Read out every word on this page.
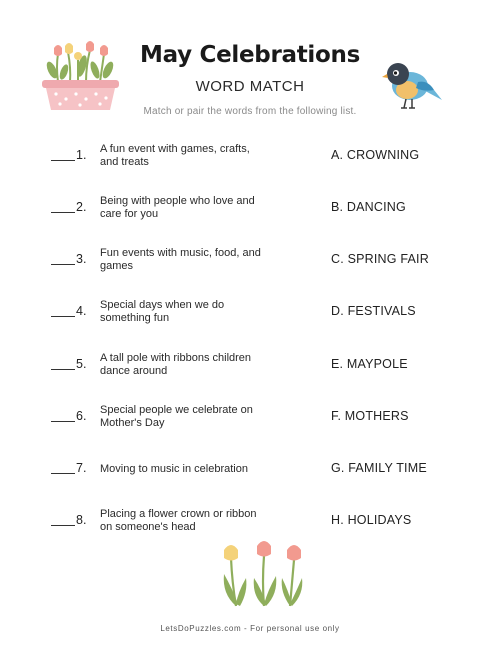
May Celebrations
WORD MATCH
Match or pair the words from the following list.
1. A fun event with games, crafts, and treats	A. CROWNING
2. Being with people who love and care for you	B. DANCING
3. Fun events with music, food, and games	C. SPRING FAIR
4. Special days when we do something fun	D. FESTIVALS
5. A tall pole with ribbons children dance around	E. MAYPOLE
6. Special people we celebrate on Mother's Day	F. MOTHERS
7. Moving to music in celebration	G. FAMILY TIME
8. Placing a flower crown or ribbon on someone's head	H. HOLIDAYS
LetsDoPuzzles.com - For personal use only
